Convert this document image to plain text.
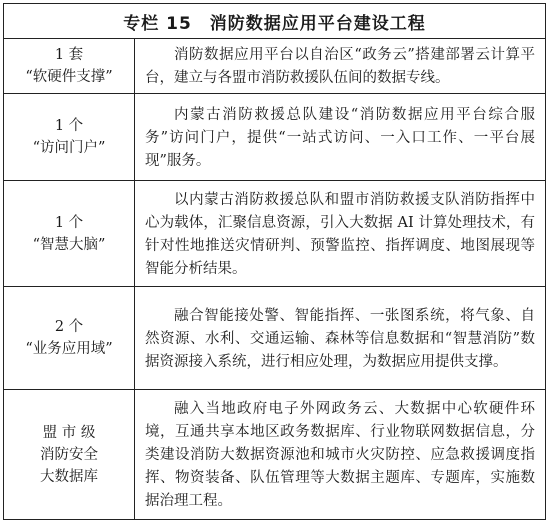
专栏 15　消防数据应用平台建设工程
1 套
“软硬件支撑”

消防数据应用平台以自治区“政务云”搭建部署云计算平台，建立与各盟市消防救援队伍间的数据专线。

1 个
“访问门户”

内蒙古消防救援总队建设“消防数据应用平台综合服务”访问门户，提供“一站式访问、一入口工作、一平台展现”服务。

1 个
“智慧大脑”

以内蒙古消防救援总队和盟市消防救援支队消防指挥中心为载体，汇聚信息资源，引入大数据 AI 计算处理技术，有针对性地推送灾情研判、预警监控、指挥调度、地图展现等智能分析结果。

2 个
“业务应用域”

融合智能接处警、智能指挥、一张图系统，将气象、自然资源、水利、交通运输、森林等信息数据和“智慧消防”数据资源接入系统，进行相应处理，为数据应用提供支撑。

盟 市 级
消防安全
大数据库

融入当地政府电子外网政务云、大数据中心软硬件环境，互通共享本地区政务数据库、行业物联网数据信息，分类建设消防大数据资源池和城市火灾防控、应急救援调度指挥、物资装备、队伍管理等大数据主题库、专题库，实施数据治理工程。
